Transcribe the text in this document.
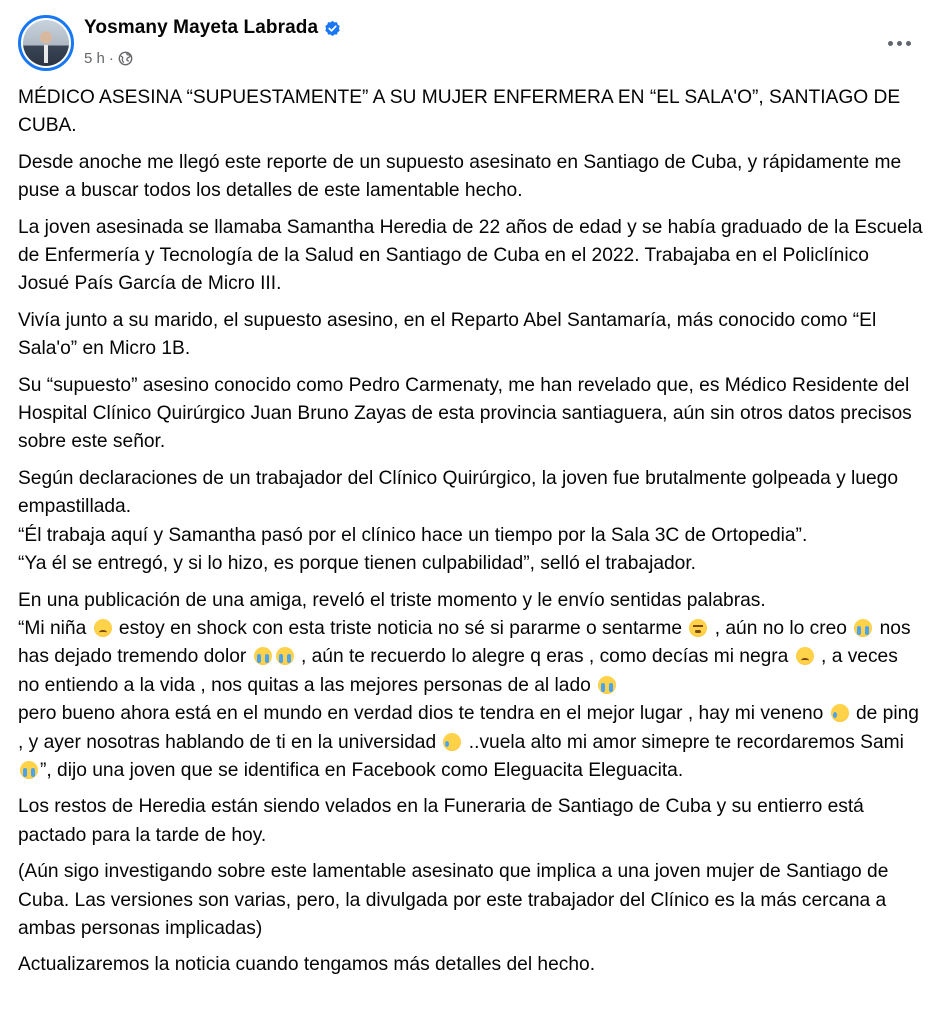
Yosmany Mayeta Labrada
5 h ·

MÉDICO ASESINA “SUPUESTAMENTE” A SU MUJER ENFERMERA EN “EL SALA'O”, SANTIAGO DE CUBA.

Desde anoche me llegó este reporte de un supuesto asesinato en Santiago de Cuba, y rápidamente me puse a buscar todos los detalles de este lamentable hecho.

La joven asesinada se llamaba Samantha Heredia de 22 años de edad y se había graduado de la Escuela de Enfermería y Tecnología de la Salud en Santiago de Cuba en el 2022. Trabajaba en el Policlínico Josué País García de Micro III.

Vivía junto a su marido, el supuesto asesino, en el Reparto Abel Santamaría, más conocido como “El Sala'o” en Micro 1B.

Su “supuesto” asesino conocido como Pedro Carmenaty, me han revelado que, es Médico Residente del Hospital Clínico Quirúrgico Juan Bruno Zayas de esta provincia santiaguera, aún sin otros datos precisos sobre este señor.

Según declaraciones de un trabajador del Clínico Quirúrgico, la joven fue brutalmente golpeada y luego empastillada.
“Él trabaja aquí y Samantha pasó por el clínico hace un tiempo por la Sala 3C de Ortopedia”.
“Ya él se entregó, y si lo hizo, es porque tienen culpabilidad”, selló el trabajador.

En una publicación de una amiga, reveló el triste momento y le envío sentidas palabras.
“Mi niña  estoy en shock con esta triste noticia no sé si pararme o sentarme  , aún no lo creo  nos has dejado tremendo dolor  , aún te recuerdo lo alegre q eras , como decías mi negra  , a veces no entiendo a la vida , nos quitas a las mejores personas de al lado
pero bueno ahora está en el mundo en verdad dios te tendra en el mejor lugar , hay mi veneno  de ping , y ayer nosotras hablando de ti en la universidad  ..vuela alto mi amor simepre te recordaremos Sami ”, dijo una joven que se identifica en Facebook como Eleguacita Eleguacita.

Los restos de Heredia están siendo velados en la Funeraria de Santiago de Cuba y su entierro está pactado para la tarde de hoy.

(Aún sigo investigando sobre este lamentable asesinato que implica a una joven mujer de Santiago de Cuba. Las versiones son varias, pero, la divulgada por este trabajador del Clínico es la más cercana a ambas personas implicadas)

Actualizaremos la noticia cuando tengamos más detalles del hecho.
